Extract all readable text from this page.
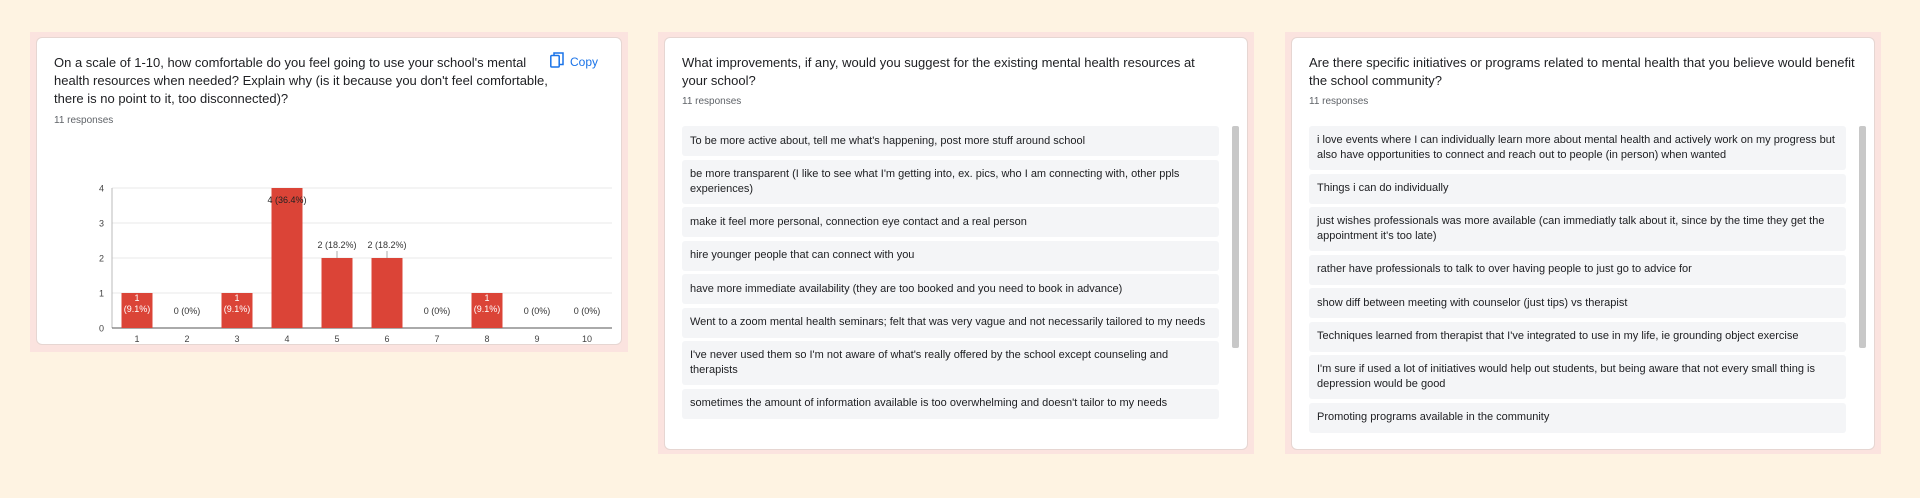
On a scale of 1-10, how comfortable do you feel going to use your school's mental health resources when needed? Explain why (is it because you don't feel comfortable, there is no point to it, too disconnected)?
11 responses
Copy
0
1
2
3
4
1
1 (9.1%)
2
0 (0%)
3
1 (9.1%)
4
4 (36.4%)
5
2 (18.2%)
6
2 (18.2%)
7
0 (0%)
8
1 (9.1%)
9
0 (0%)
10
0 (0%)
What improvements, if any, would you suggest for the existing mental health resources at your school?
11 responses
To be more active about, tell me what's happening, post more stuff around school
be more transparent (I like to see what I'm getting into, ex. pics, who I am connecting with, other ppls experiences)
make it feel more personal, connection eye contact and a real person
hire younger people that can connect with you
have more immediate availability (they are too booked and you need to book in advance)
Went to a zoom mental health seminars; felt that was very vague and not necessarily tailored to my needs
I've never used them so I'm not aware of what's really offered by the school except counseling and therapists
sometimes the amount of information available is too overwhelming and doesn't tailor to my needs
Are there specific initiatives or programs related to mental health that you believe would benefit the school community?
11 responses
i love events where I can individually learn more about mental health and actively work on my progress but also have opportunities to connect and reach out to people (in person) when wanted
Things i can do individually
just wishes professionals was more available (can immediatly talk about it, since by the time they get the appointment it's too late)
rather have professionals to talk to over having people to just go to advice for
show diff between meeting with counselor (just tips) vs therapist
Techniques learned from therapist that I've integrated to use in my life, ie grounding object exercise
I'm sure if used a lot of initiatives would help out students, but being aware that not every small thing is depression would be good
Promoting programs available in the community
